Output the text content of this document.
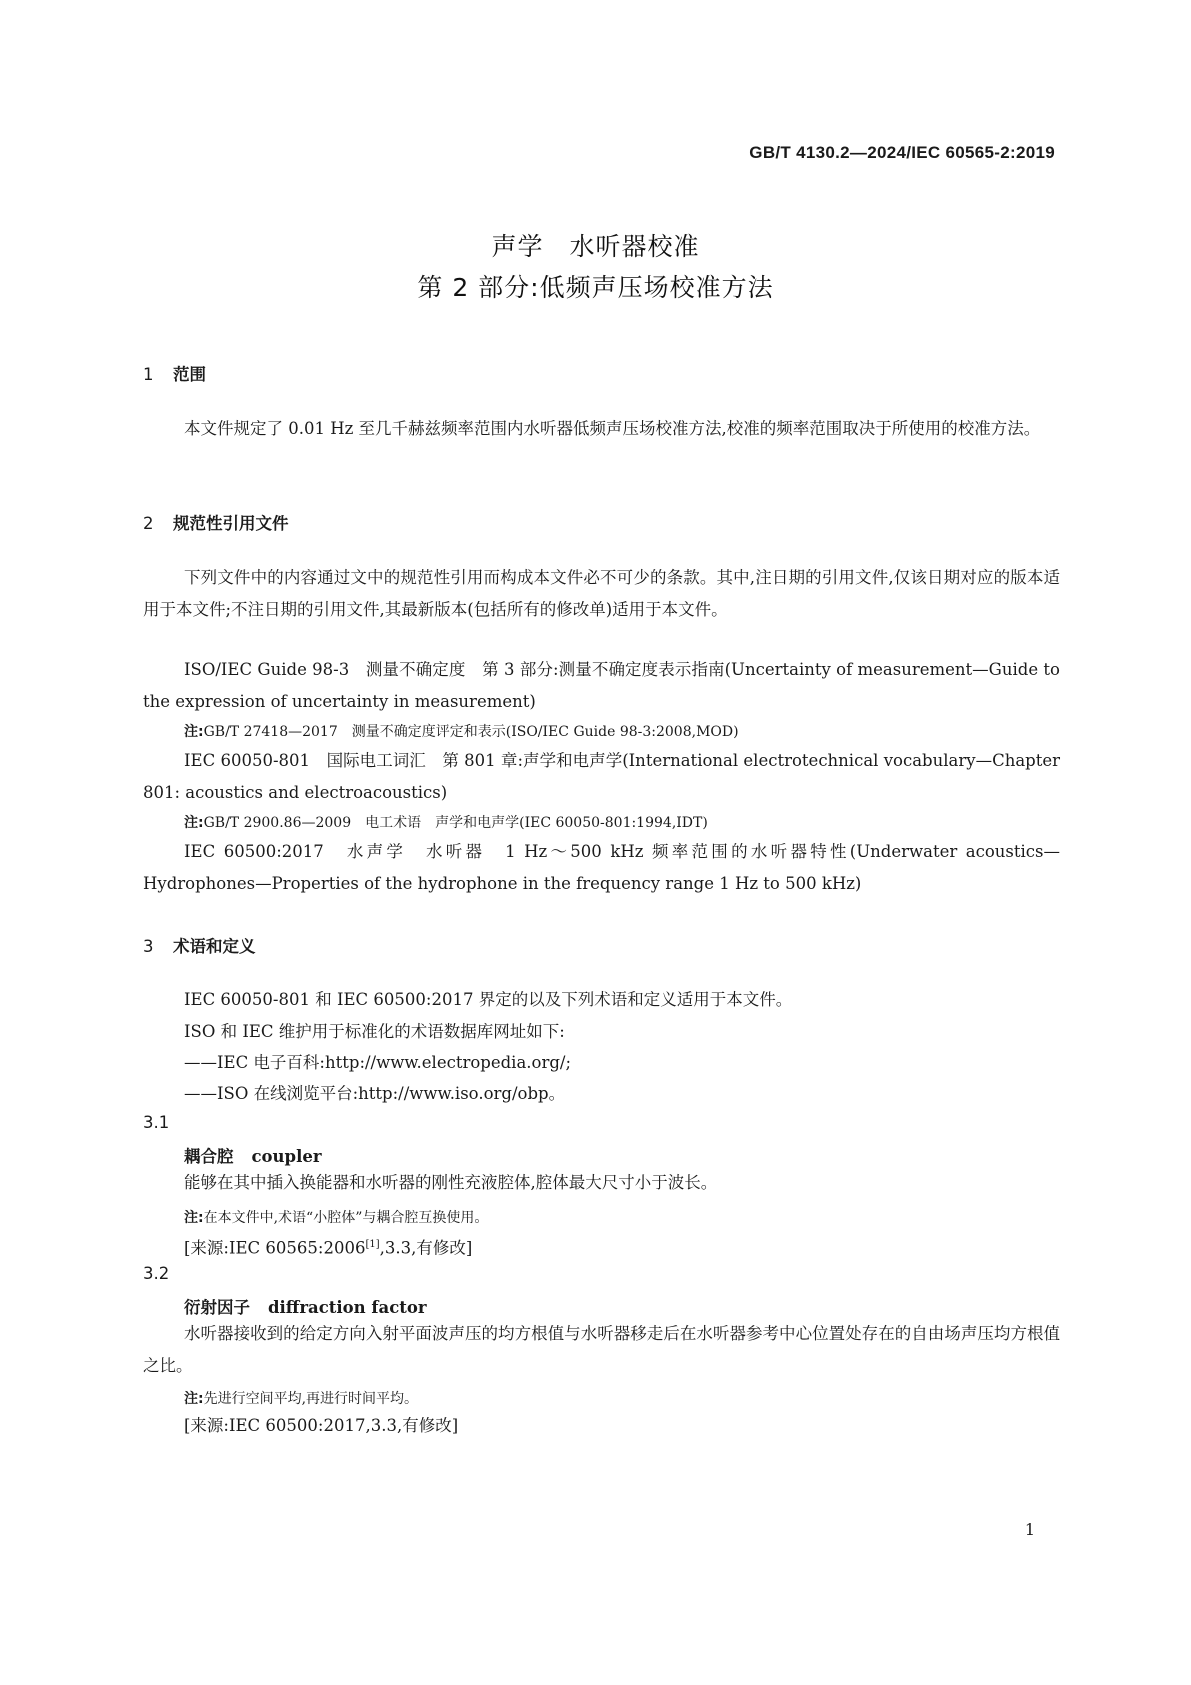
GB/T 4130.2—2024/IEC 60565-2:2019
声学　水听器校准
第 2 部分:低频声压场校准方法
1 范围
本文件规定了 0.01 Hz 至几千赫兹频率范围内水听器低频声压场校准方法,校准的频率范围取决于所使用的校准方法。
2 规范性引用文件
下列文件中的内容通过文中的规范性引用而构成本文件必不可少的条款。其中,注日期的引用文件,仅该日期对应的版本适用于本文件;不注日期的引用文件,其最新版本(包括所有的修改单)适用于本文件。
ISO/IEC Guide 98-3　测量不确定度　第 3 部分:测量不确定度表示指南(Uncertainty of measurement—Guide to the expression of uncertainty in measurement)
注:GB/T 27418—2017　测量不确定度评定和表示(ISO/IEC Guide 98-3:2008,MOD)
IEC 60050-801　国际电工词汇　第 801 章:声学和电声学(International electrotechnical vocabulary—Chapter 801: acoustics and electroacoustics)
注:GB/T 2900.86—2009　电工术语　声学和电声学(IEC 60050-801:1994,IDT)
IEC 60500:2017　水声学　水听器　1 Hz～500 kHz 频率范围的水听器特性(Underwater acoustics—Hydrophones—Properties of the hydrophone in the frequency range 1 Hz to 500 kHz)
3 术语和定义
IEC 60050-801 和 IEC 60500:2017 界定的以及下列术语和定义适用于本文件。
ISO 和 IEC 维护用于标准化的术语数据库网址如下:
——IEC 电子百科:http://www.electropedia.org/;
——ISO 在线浏览平台:http://www.iso.org/obp。
3.1
耦合腔 coupler
能够在其中插入换能器和水听器的刚性充液腔体,腔体最大尺寸小于波长。
注:在本文件中,术语“小腔体”与耦合腔互换使用。
[来源:IEC 60565:2006[1],3.3,有修改]
3.2
衍射因子 diffraction factor
水听器接收到的给定方向入射平面波声压的均方根值与水听器移走后在水听器参考中心位置处存在的自由场声压均方根值之比。
注:先进行空间平均,再进行时间平均。
[来源:IEC 60500:2017,3.3,有修改]
1
